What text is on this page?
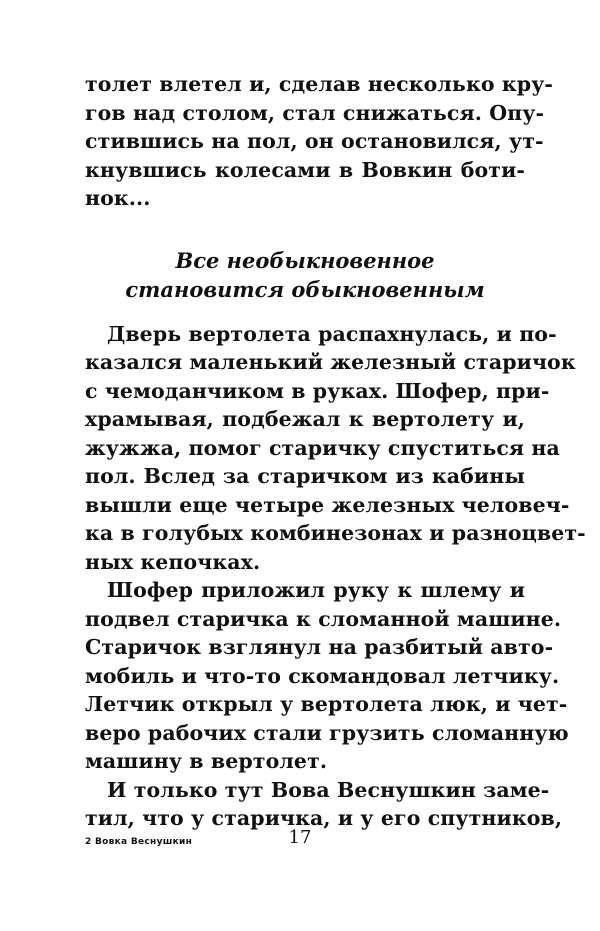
толет влетел и, сделав несколько кру-
гов над столом, стал снижаться. Опу-
стившись на пол, он остановился, ут-
кнувшись колесами в Вовкин боти-
нок...
Все необыкновенное
становится обыкновенным
Дверь вертолета распахнулась, и по-
казался маленький железный старичок
с чемоданчиком в руках. Шофер, при-
храмывая, подбежал к вертолету и,
жужжа, помог старичку спуститься на
пол. Вслед за старичком из кабины
вышли еще четыре железных человеч-
ка в голубых комбинезонах и разноцвет-
ных кепочках.
Шофер приложил руку к шлему и
подвел старичка к сломанной машине.
Старичок взглянул на разбитый авто-
мобиль и что-то скомандовал летчику.
Летчик открыл у вертолета люк, и чет-
веро рабочих стали грузить сломанную
машину в вертолет.
И только тут Вова Веснушкин заме-
тил, что у старичка, и у его спутников,
2 Вовка Веснушкин	17
